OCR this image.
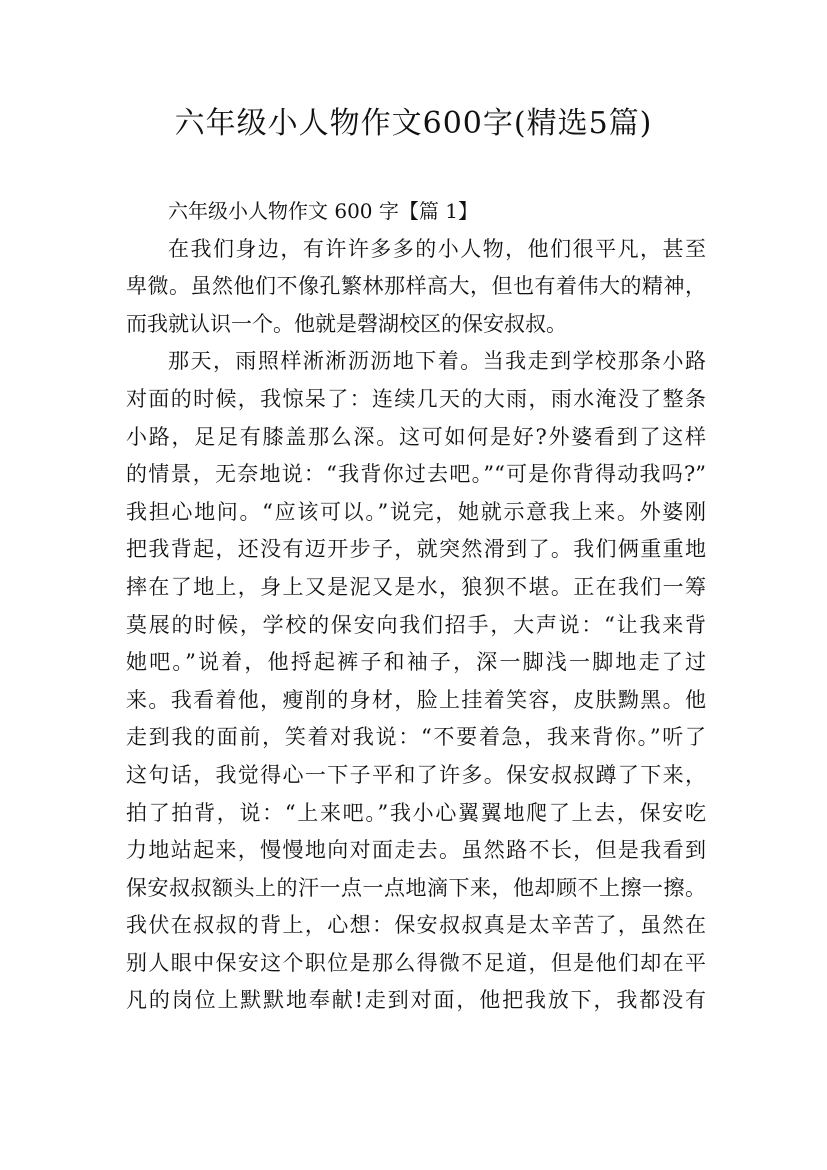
六年级小人物作文600字(精选5篇)
六年级小人物作文 600 字【篇 1】
在我们身边，有许许多多的小人物，他们很平凡，甚至
卑微。虽然他们不像孔繁林那样高大，但也有着伟大的精神，
而我就认识一个。他就是磬湖校区的保安叔叔。
那天，雨照样淅淅沥沥地下着。当我走到学校那条小路
对面的时候，我惊呆了：连续几天的大雨，雨水淹没了整条
小路，足足有膝盖那么深。这可如何是好?外婆看到了这样
的情景，无奈地说：“我背你过去吧。”“可是你背得动我吗?”
我担心地问。“应该可以。”说完，她就示意我上来。外婆刚
把我背起，还没有迈开步子，就突然滑到了。我们俩重重地
摔在了地上，身上又是泥又是水，狼狈不堪。正在我们一筹
莫展的时候，学校的保安向我们招手，大声说：“让我来背
她吧。”说着，他捋起裤子和袖子，深一脚浅一脚地走了过
来。我看着他，瘦削的身材，脸上挂着笑容，皮肤黝黑。他
走到我的面前，笑着对我说：“不要着急，我来背你。”听了
这句话，我觉得心一下子平和了许多。保安叔叔蹲了下来，
拍了拍背，说：“上来吧。”我小心翼翼地爬了上去，保安吃
力地站起来，慢慢地向对面走去。虽然路不长，但是我看到
保安叔叔额头上的汗一点一点地滴下来，他却顾不上擦一擦。
我伏在叔叔的背上，心想：保安叔叔真是太辛苦了，虽然在
别人眼中保安这个职位是那么得微不足道，但是他们却在平
凡的岗位上默默地奉献!走到对面，他把我放下，我都没有
